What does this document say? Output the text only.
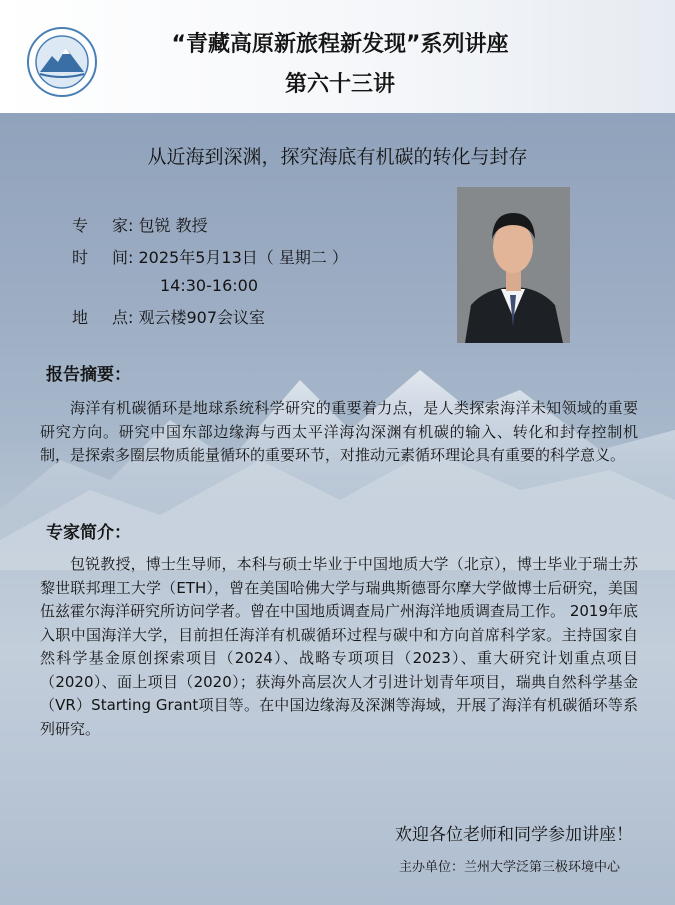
“青藏高原新旅程新发现”系列讲座
第六十三讲
从近海到深渊，探究海底有机碳的转化与封存
专 家: 包锐 教授
时 间: 2025年5月13日（ 星期二 ）
14:30-16:00
地 点: 观云楼907会议室
报告摘要：

海洋有机碳循环是地球系统科学研究的重要着力点，是人类探索海洋未知领域的重要研究方向。研究中国东部边缘海与西太平洋海沟深渊有机碳的输入、转化和封存控制机制，是探索多圈层物质能量循环的重要环节，对推动元素循环理论具有重要的科学意义。

专家简介：

包锐教授，博士生导师，本科与硕士毕业于中国地质大学（北京），博士毕业于瑞士苏黎世联邦理工大学（ETH），曾在美国哈佛大学与瑞典斯德哥尔摩大学做博士后研究，美国伍兹霍尔海洋研究所访问学者。曾在中国地质调查局广州海洋地质调查局工作。 2019年底入职中国海洋大学，目前担任海洋有机碳循环过程与碳中和方向首席科学家。主持国家自然科学基金原创探索项目（2024）、战略专项项目（2023）、重大研究计划重点项目（2020）、面上项目（2020）；获海外高层次人才引进计划青年项目，瑞典自然科学基金（VR）Starting Grant项目等。在中国边缘海及深渊等海域，开展了海洋有机碳循环等系列研究。

欢迎各位老师和同学参加讲座！
主办单位：兰州大学泛第三极环境中心
